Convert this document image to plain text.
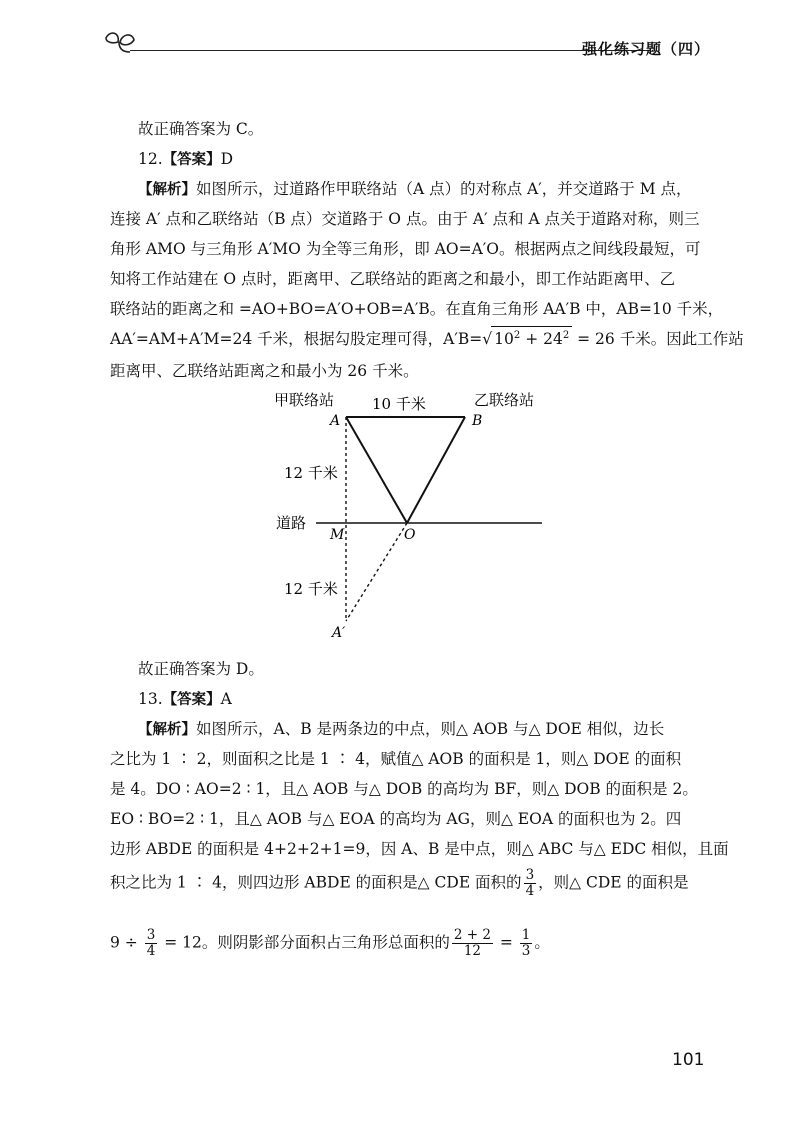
强化练习题（四）
故正确答案为 C。
12.【答案】D
【解析】如图所示，过道路作甲联络站（A 点）的对称点 A′，并交道路于 M 点，
连接 A′ 点和乙联络站（B 点）交道路于 O 点。由于 A′ 点和 A 点关于道路对称，则三
角形 AMO 与三角形 A′MO 为全等三角形，即 AO=A′O。根据两点之间线段最短，可
知将工作站建在 O 点时，距离甲、乙联络站的距离之和最小，即工作站距离甲、乙
联络站的距离之和 =AO+BO=A′O+OB=A′B。在直角三角形 AA′B 中，AB=10 千米，
AA′=AM+A′M=24 千米，根据勾股定理可得，A′B=√ $10^2 + 24^2 = 26$ 千米。因此工作站
距离甲、乙联络站距离之和最小为 26 千米。
甲联络站	10 千米	乙联络站
A	B
12 千米
道路
M	O
12 千米
A′
故正确答案为 D。
13.【答案】A
【解析】如图所示，A、B 是两条边的中点，则△ AOB 与△ DOE 相似，边长
之比为 1 ∶ 2，则面积之比是 1 ∶ 4，赋值△ AOB 的面积是 1，则△ DOE 的面积
是 4。DO ∶ AO=2 ∶ 1，且△ AOB 与△ DOB 的高均为 BF，则△ DOB 的面积是 2。
EO ∶ BO=2 ∶ 1，且△ AOB 与△ EOA 的高均为 AG，则△ EOA 的面积也为 2。四
边形 ABDE 的面积是 4+2+2+1=9，因 A、B 是中点，则△ ABC 与△ EDC 相似，且面
积之比为 1 ∶ 4，则四边形 ABDE 的面积是△ CDE 面积的 $\frac{3}{4}$ ，则△ CDE 的面积是
$9 \div \frac{3}{4} = 12$。则阴影部分面积占三角形总面积的 $\frac{2 + 2}{12} = \frac{1}{3}$ 。
101
